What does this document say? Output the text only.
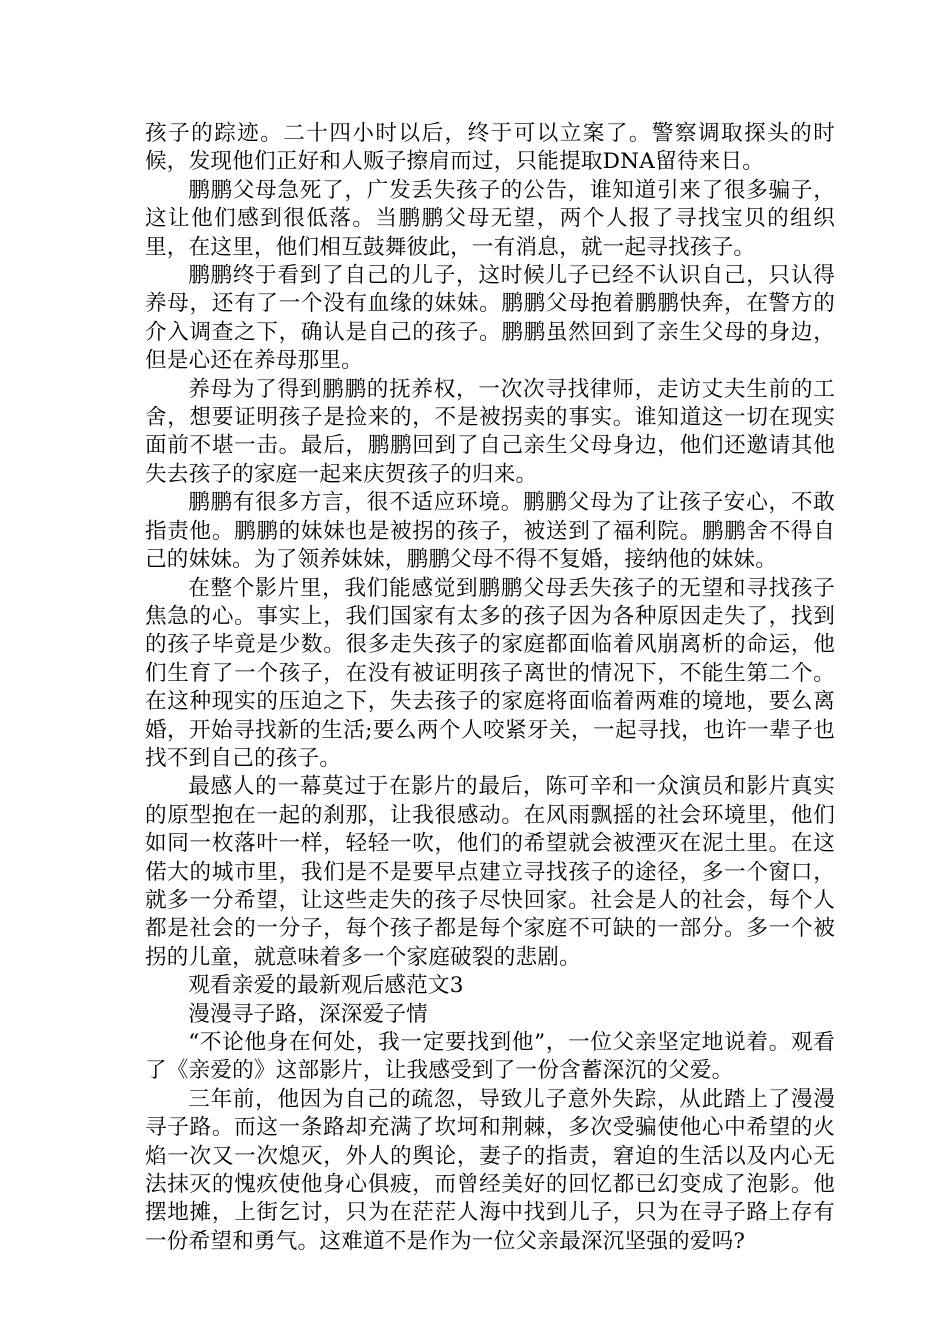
孩子的踪迹。二十四小时以后，终于可以立案了。警察调取探头的时候，发现他们正好和人贩子擦肩而过，只能提取DNA留待来日。

鹏鹏父母急死了，广发丢失孩子的公告，谁知道引来了很多骗子，这让他们感到很低落。当鹏鹏父母无望，两个人报了寻找宝贝的组织里，在这里，他们相互鼓舞彼此，一有消息，就一起寻找孩子。

鹏鹏终于看到了自己的儿子，这时候儿子已经不认识自己，只认得养母，还有了一个没有血缘的妹妹。鹏鹏父母抱着鹏鹏快奔，在警方的介入调查之下，确认是自己的孩子。鹏鹏虽然回到了亲生父母的身边，但是心还在养母那里。

养母为了得到鹏鹏的抚养权，一次次寻找律师，走访丈夫生前的工舍，想要证明孩子是捡来的，不是被拐卖的事实。谁知道这一切在现实面前不堪一击。最后，鹏鹏回到了自己亲生父母身边，他们还邀请其他失去孩子的家庭一起来庆贺孩子的归来。

鹏鹏有很多方言，很不适应环境。鹏鹏父母为了让孩子安心，不敢指责他。鹏鹏的妹妹也是被拐的孩子，被送到了福利院。鹏鹏舍不得自己的妹妹。为了领养妹妹，鹏鹏父母不得不复婚，接纳他的妹妹。

在整个影片里，我们能感觉到鹏鹏父母丢失孩子的无望和寻找孩子焦急的心。事实上，我们国家有太多的孩子因为各种原因走失了，找到的孩子毕竟是少数。很多走失孩子的家庭都面临着风崩离析的命运，他们生育了一个孩子，在没有被证明孩子离世的情况下，不能生第二个。在这种现实的压迫之下，失去孩子的家庭将面临着两难的境地，要么离婚，开始寻找新的生活;要么两个人咬紧牙关，一起寻找，也许一辈子也找不到自己的孩子。

最感人的一幕莫过于在影片的最后，陈可辛和一众演员和影片真实的原型抱在一起的刹那，让我很感动。在风雨飘摇的社会环境里，他们如同一枚落叶一样，轻轻一吹，他们的希望就会被湮灭在泥土里。在这偌大的城市里，我们是不是要早点建立寻找孩子的途径，多一个窗口，就多一分希望，让这些走失的孩子尽快回家。社会是人的社会，每个人都是社会的一分子，每个孩子都是每个家庭不可缺的一部分。多一个被拐的儿童，就意味着多一个家庭破裂的悲剧。

观看亲爱的最新观后感范文3

漫漫寻子路，深深爱子情

“不论他身在何处，我一定要找到他”，一位父亲坚定地说着。观看了《亲爱的》这部影片，让我感受到了一份含蓄深沉的父爱。

三年前，他因为自己的疏忽，导致儿子意外失踪，从此踏上了漫漫寻子路。而这一条路却充满了坎坷和荆棘，多次受骗使他心中希望的火焰一次又一次熄灭，外人的舆论，妻子的指责，窘迫的生活以及内心无法抹灭的愧疚使他身心俱疲，而曾经美好的回忆都已幻变成了泡影。他摆地摊，上街乞讨，只为在茫茫人海中找到儿子，只为在寻子路上存有一份希望和勇气。这难道不是作为一位父亲最深沉坚强的爱吗?
